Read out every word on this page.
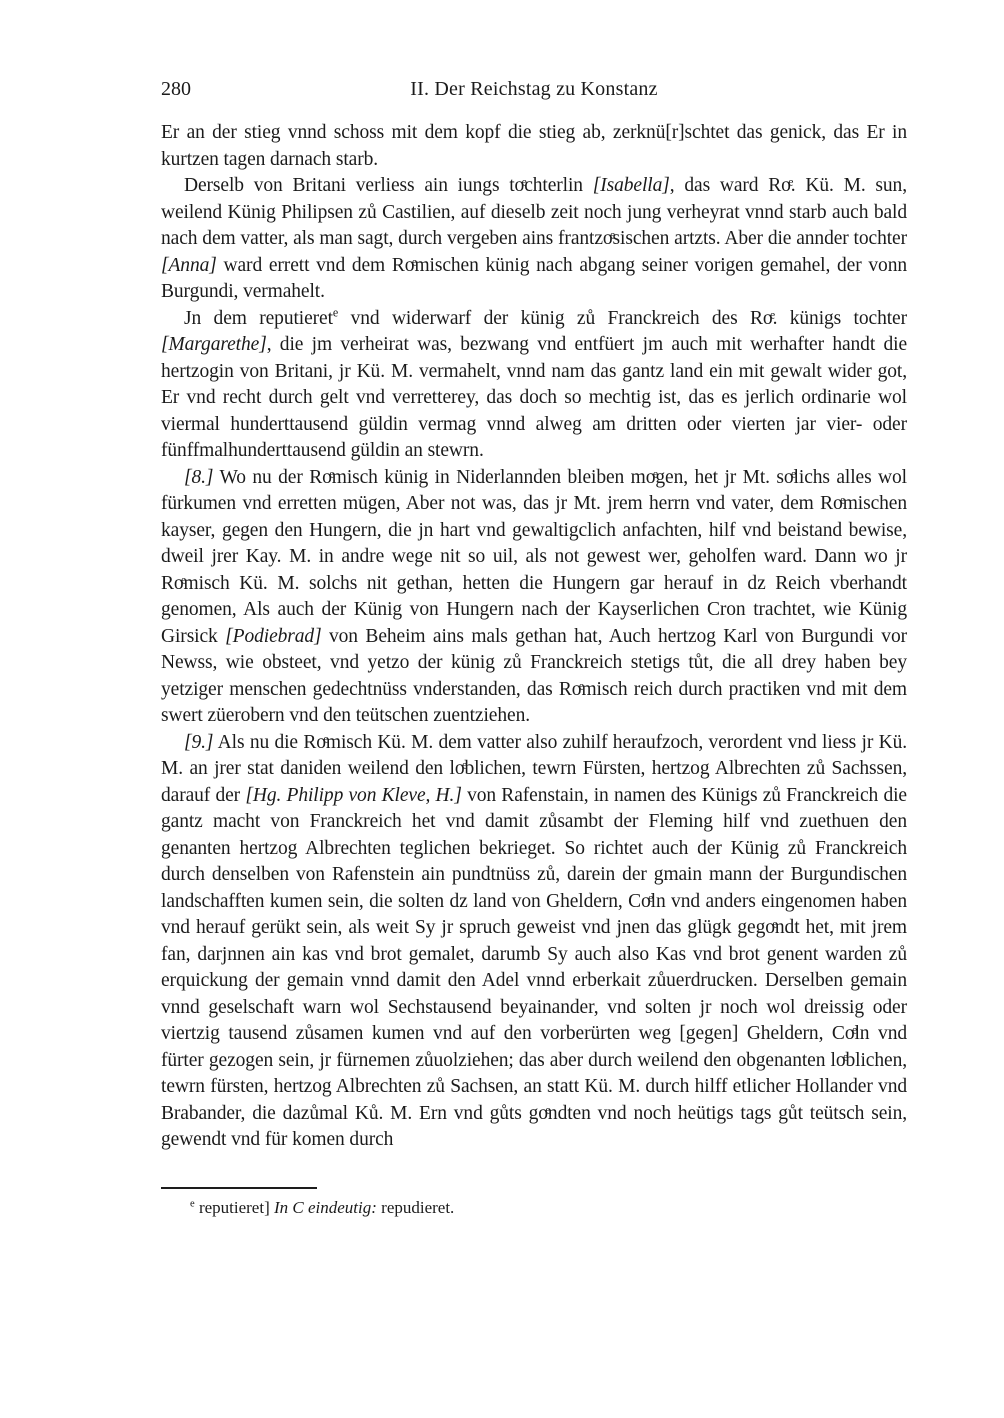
280	II. Der Reichstag zu Konstanz

Er an der stieg vnnd schoss mit dem kopf die stieg ab, zerknü[r]schtet das genick, das Er in kurtzen tagen darnach starb.

Derselb von Britani verliess ain iungs toͤchterlin [Isabella], das ward Roͤ. Kü. M. sun, weilend Künig Philipsen zů Castilien, auf dieselb zeit noch jung verheyrat vnnd starb auch bald nach dem vatter, als man sagt, durch vergeben ains frantzoͤsischen artzts. Aber die annder tochter [Anna] ward errett vnd dem Roͤmischen künig nach abgang seiner vorigen gemahel, der vonn Burgundi, vermahelt.

Jn dem reputieret$^e$ vnd widerwarf der künig zů Franckreich des Roͤ. künigs tochter [Margarethe], die jm verheirat was, bezwang vnd entfüert jm auch mit werhafter handt die hertzogin von Britani, jr Kü. M. vermahelt, vnnd nam das gantz land ein mit gewalt wider got, Er vnd recht durch gelt vnd verretterey, das doch so mechtig ist, das es jerlich ordinarie wol viermal hunderttausend güldin vermag vnnd alweg am dritten oder vierten jar vier- oder fünffmalhunderttausend güldin an stewrn.

[8.] Wo nu der Roͤmisch künig in Niderlannden bleiben moͤgen, het jr Mt. soͤlichs alles wol fürkumen vnd erretten mügen, Aber not was, das jr Mt. jrem herrn vnd vater, dem Roͤmischen kayser, gegen den Hungern, die jn hart vnd gewaltigclich anfachten, hilf vnd beistand bewise, dweil jrer Kay. M. in andre wege nit so uil, als not gewest wer, geholfen ward. Dann wo jr Roͤmisch Kü. M. solchs nit gethan, hetten die Hungern gar herauf in dz Reich vberhandt genomen, Als auch der Künig von Hungern nach der Kayserlichen Cron trachtet, wie Künig Girsick [Podiebrad] von Beheim ains mals gethan hat, Auch hertzog Karl von Burgundi vor Newss, wie obsteet, vnd yetzo der künig zů Franckreich stetigs tůt, die all drey haben bey yetziger menschen gedechtnüss vnderstanden, das Roͤmisch reich durch practiken vnd mit dem swert züerobern vnd den teütschen zuentziehen.

[9.] Als nu die Roͤmisch Kü. M. dem vatter also zuhilf heraufzoch, verordent vnd liess jr Kü. M. an jrer stat daniden weilend den loͤblichen, tewrn Fürsten, hertzog Albrechten zů Sachssen, darauf der [Hg. Philipp von Kleve, H.] von Rafenstain, in namen des Künigs zů Franckreich die gantz macht von Franckreich het vnd damit zůsambt der Fleming hilf vnd zuethuen den genanten hertzog Albrechten teglichen bekrieget. So richtet auch der Künig zů Franckreich durch denselben von Rafenstein ain pundtnüss zů, darein der gmain mann der Burgundischen landschafften kumen sein, die solten dz land von Gheldern, Coͤln vnd anders eingenomen haben vnd herauf gerükt sein, als weit Sy jr spruch geweist vnd jnen das glügk gegoͤndt het, mit jrem fan, darjnnen ain kas vnd brot gemalet, darumb Sy auch also Kas vnd brot genent warden zů erquickung der gemain vnnd damit den Adel vnnd erberkait zůuerdrucken. Derselben gemain vnnd geselschaft warn wol Sechstausend beyainander, vnd solten jr noch wol dreissig oder viertzig tausend zůsamen kumen vnd auf den vorberürten weg [gegen] Gheldern, Coͤln vnd fürter gezogen sein, jr fürnemen zůuolziehen; das aber durch weilend den obgenanten loͤblichen, tewrn fürsten, hertzog Albrechten zů Sachsen, an statt Kü. M. durch hilff etlicher Hollander vnd Brabander, die dazůmal Ků. M. Ern vnd gůts goͤndten vnd noch heütigs tags gůt teütsch sein, gewendt vnd für komen durch

$^e$ reputieret] In C eindeutig: repudieret.
